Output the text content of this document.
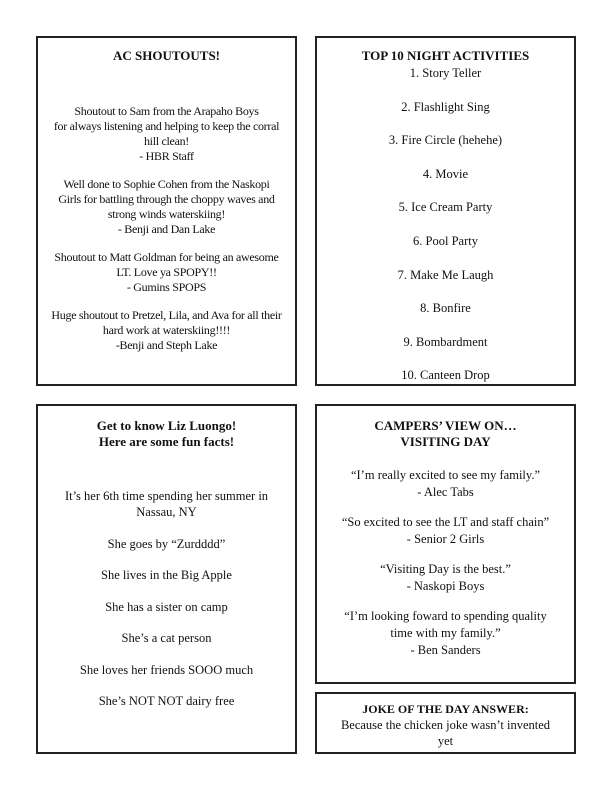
AC SHOUTOUTS!
Shoutout to Sam from the Arapaho Boys
for always listening and helping to keep the corral
hill clean!
- HBR Staff
Well done to Sophie Cohen from the Naskopi
Girls for battling through the choppy waves and
strong winds waterskiing!
- Benji and Dan Lake
Shoutout to Matt Goldman for being an awesome
LT. Love ya SPOPY!!
- Gumins SPOPS
Huge shoutout to Pretzel, Lila, and Ava for all their
hard work at waterskiing!!!!
-Benji and Steph Lake
TOP 10 NIGHT ACTIVITIES
1. Story Teller
2. Flashlight Sing
3. Fire Circle (hehehe)
4. Movie
5. Ice Cream Party
6. Pool Party
7. Make Me Laugh
8. Bonfire
9. Bombardment
10. Canteen Drop
Get to know Liz Luongo!
Here are some fun facts!
It’s her 6th time spending her summer in
Nassau, NY
She goes by “Zurdddd”
She lives in the Big Apple
She has a sister on camp
She’s a cat person
She loves her friends SOOO much
She’s NOT NOT dairy free
CAMPERS’ VIEW ON…
VISITING DAY
“I’m really excited to see my family.”
- Alec Tabs
“So excited to see the LT and staff chain”
- Senior 2 Girls
“Visiting Day is the best.”
- Naskopi Boys
“I’m looking foward to spending quality
time with my family.”
- Ben Sanders
JOKE OF THE DAY ANSWER:
Because the chicken joke wasn’t invented
yet
